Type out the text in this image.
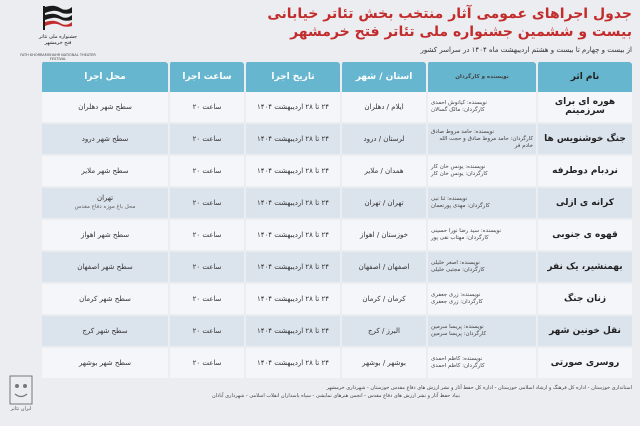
جشنواره ملی تئاتر
فتح خرمشهر
FATH KHORRAMSHAHR NATIONAL THEATER FESTIVAL
جدول اجراهای عمومی آثار منتخب بخش تئاتر خیابانی
بیست و ششمین جشنواره ملی تئاتر فتح خرمشهر
از بیست و چهارم تا بیست و هشتم اردیبهشت ماه ۱۴۰۴ در سراسر کشور
نام اثر
نویسنده و کارگردان
استان / شهر
تاریخ اجرا
ساعت اجرا
محل اجرا
هوره ای برای سرزمینم
نویسنده: کیانوش احمدی
کارگردان: مالک گسالان
ایلام / دهلران
۲۴ تا ۲۸ اردیبهشت ۱۴۰۴
ساعت ۲۰
سطح شهر دهلران
جنگ خوشنویس ها
نویسنده: حامد مروط صادق
کارگردان: حامد مروط صادق و حجت الله خادم فر
لرستان / درود
۲۴ تا ۲۸ اردیبهشت ۱۴۰۴
ساعت ۲۰
سطح شهر درود
نردبام دوطرفه
نویسنده: یونس خان کار
کارگردان: یونس خان کار
همدان / ملایر
۲۴ تا ۲۸ اردیبهشت ۱۴۰۴
ساعت ۲۰
سطح شهر ملایر
کرانه ی ازلی
نویسنده: ثنا نبی
کارگردان: مهدی پورنعمان
تهران / تهران
۲۴ تا ۲۸ اردیبهشت ۱۴۰۴
ساعت ۲۰
تهران
محل باغ موزه دفاع مقدس
قهوه ی جنوبی
نویسنده: سید رضا نورا حسینی
کارگردان: مهتاب نقی پور
خوزستان / اهواز
۲۴ تا ۲۸ اردیبهشت ۱۴۰۴
ساعت ۲۰
سطح شهر اهواز
بهمنشیر، یک نفر
نویسنده: اصغر خلیلی
کارگردان: مجتبی خلیلی
اصفهان / اصفهان
۲۴ تا ۲۸ اردیبهشت ۱۴۰۴
ساعت ۲۰
سطح شهر اصفهان
زنان جنگ
نویسنده: زری جعفری
کارگردان: زری جعفری
کرمان / کرمان
۲۴ تا ۲۸ اردیبهشت ۱۴۰۴
ساعت ۲۰
سطح شهر کرمان
نقل خونین شهر
نویسنده: پریسا سرمین
کارگردان: پریسا سرمین
البرز / کرج
۲۴ تا ۲۸ اردیبهشت ۱۴۰۴
ساعت ۲۰
سطح شهر کرج
روسری صورتی
نویسنده: کاظم احمدی
کارگردان: کاظم احمدی
بوشهر / بوشهر
۲۴ تا ۲۸ اردیبهشت ۱۴۰۴
ساعت ۲۰
سطح شهر بوشهر
استانداری خوزستان - اداره کل فرهنگ و ارشاد اسلامی خوزستان - اداره کل حفظ آثار و نشر ارزش های دفاع مقدس خوزستان - شهرداری خرمشهر
بنیاد حفظ آثار و نشر ارزش های دفاع مقدس - انجمن هنرهای نمایشی - سپاه پاسداران انقلاب اسلامی - شهرداری آبادان
ایران تئاتر
